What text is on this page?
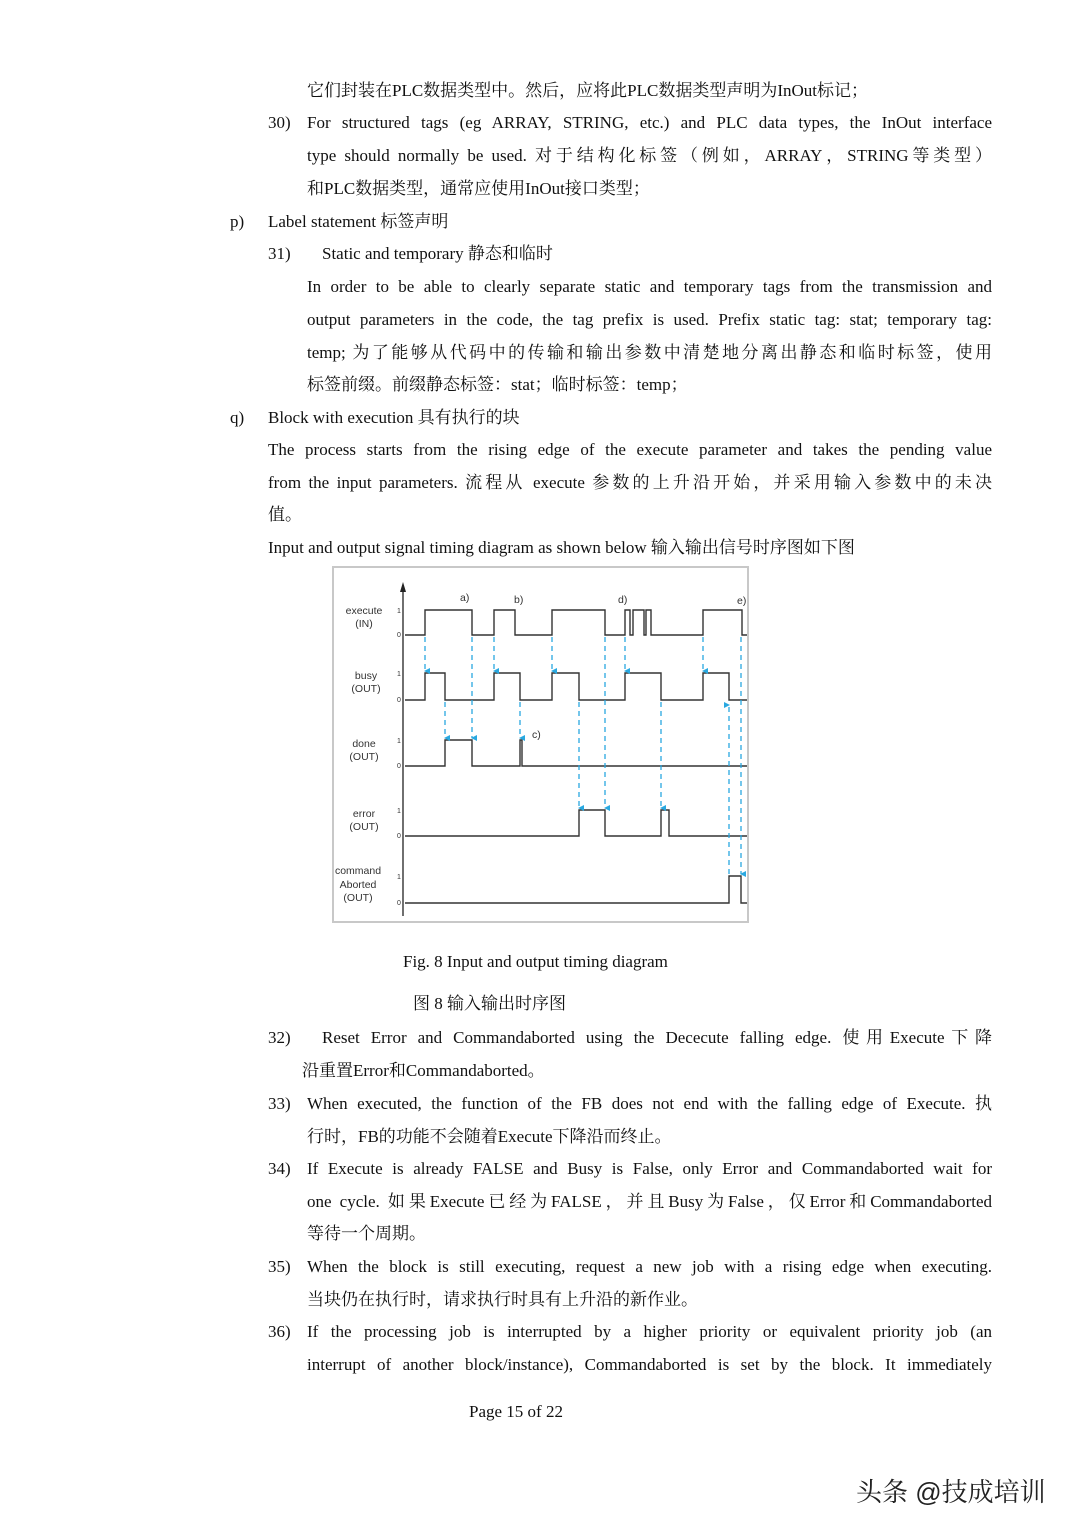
它们封装在PLC数据类型中。然后，应将此PLC数据类型声明为InOut标记；
30) For structured tags (eg ARRAY, STRING, etc.) and PLC data types, the InOut interface
type should normally be used. 对于结构化标签（例如，ARRAY，STRING等类型）
和PLC数据类型，通常应使用InOut接口类型；
p) Label statement 标签声明
31) Static and temporary 静态和临时
In order to be able to clearly separate static and temporary tags from the transmission and
output parameters in the code, the tag prefix is used. Prefix static tag: stat; temporary tag:
temp; 为了能够从代码中的传输和输出参数中清楚地分离出静态和临时标签，使用
标签前缀。前缀静态标签：stat；临时标签：temp；
q) Block with execution 具有执行的块
The process starts from the rising edge of the execute parameter and takes the pending value
from the input parameters. 流程从 execute 参数的上升沿开始，并采用输入参数中的未决
值。
Input and output signal timing diagram as shown below 输入输出信号时序图如下图
execute
(IN)
busy
(OUT)
done
(OUT)
error
(OUT)
command
Aborted
(OUT)
1
0
1
0
1
0
1
0
1
0
a)	b)
c)
d)	e)
Fig. 8 Input and output timing diagram
图 8 输入输出时序图
32) Reset Error and Commandaborted using the Dececute falling edge. 使用Execute下降
沿重置Error和Commandaborted。
33) When executed, the function of the FB does not end with the falling edge of Execute. 执
行时，FB的功能不会随着Execute下降沿而终止。
34) If Execute is already FALSE and Busy is False, only Error and Commandaborted wait for
one cycle. 如果Execute已经为FALSE，并且Busy为False，仅Error和Commandaborted
等待一个周期。
35) When the block is still executing, request a new job with a rising edge when executing.
当块仍在执行时，请求执行时具有上升沿的新作业。
36) If the processing job is interrupted by a higher priority or equivalent priority job (an
interrupt of another block/instance), Commandaborted is set by the block. It immediately
Page 15 of 22
头条 @技成培训
